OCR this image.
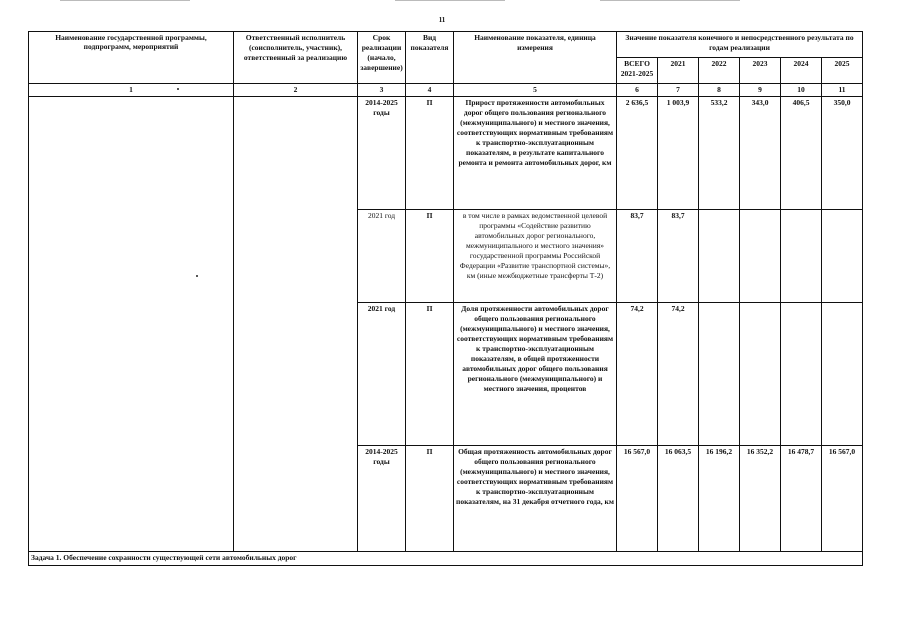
11
Наименование государственной программы, подпрограмм, мероприятий	Ответственный исполнитель (соисполнитель, участник), ответственный за реализацию	Срок реализации (начало, завершение)	Вид показателя	Наименование показателя, единица измерения	Значение показателя конечного и непосредственного результата по годам реализации					
					ВСЕГО 2021-2025	2021	2022	2023	2024	2025
1	2	3	4	5	6	7	8	9	10	11
		2014-2025 годы	П	Прирост протяженности автомобильных дорог общего пользования регионального (межмуниципального) и местного значения, соответствующих нормативным требованиям к транспортно-эксплуатационным показателям, в результате капитального ремонта и ремонта автомобильных дорог, км	2 636,5	1 003,9	533,2	343,0	406,5	350,0
		2021 год	П	в том числе в рамках ведомственной целевой программы «Содействие развитию автомобильных дорог регионального, межмуниципального и местного значения» государственной программы Российской Федерации «Развитие транспортной системы», км (иные межбюджетные трансферты Т-2)	83,7	83,7				
		2021 год	П	Доля протяженности автомобильных дорог общего пользования регионального (межмуниципального) и местного значения, соответствующих нормативным требованиям к транспортно-эксплуатационным показателям, в общей протяженности автомобильных дорог общего пользования регионального (межмуниципального) и местного значения, процентов	74,2	74,2				
		2014-2025 годы	П	Общая протяженность автомобильных дорог общего пользования регионального (межмуниципального) и местного значения, соответствующих нормативным требованиям к транспортно-эксплуатационным показателям, на 31 декабря отчетного года, км	16 567,0	16 063,5	16 196,2	16 352,2	16 478,7	16 567,0
Задача 1. Обеспечение сохранности существующей сети автомобильных дорог										
